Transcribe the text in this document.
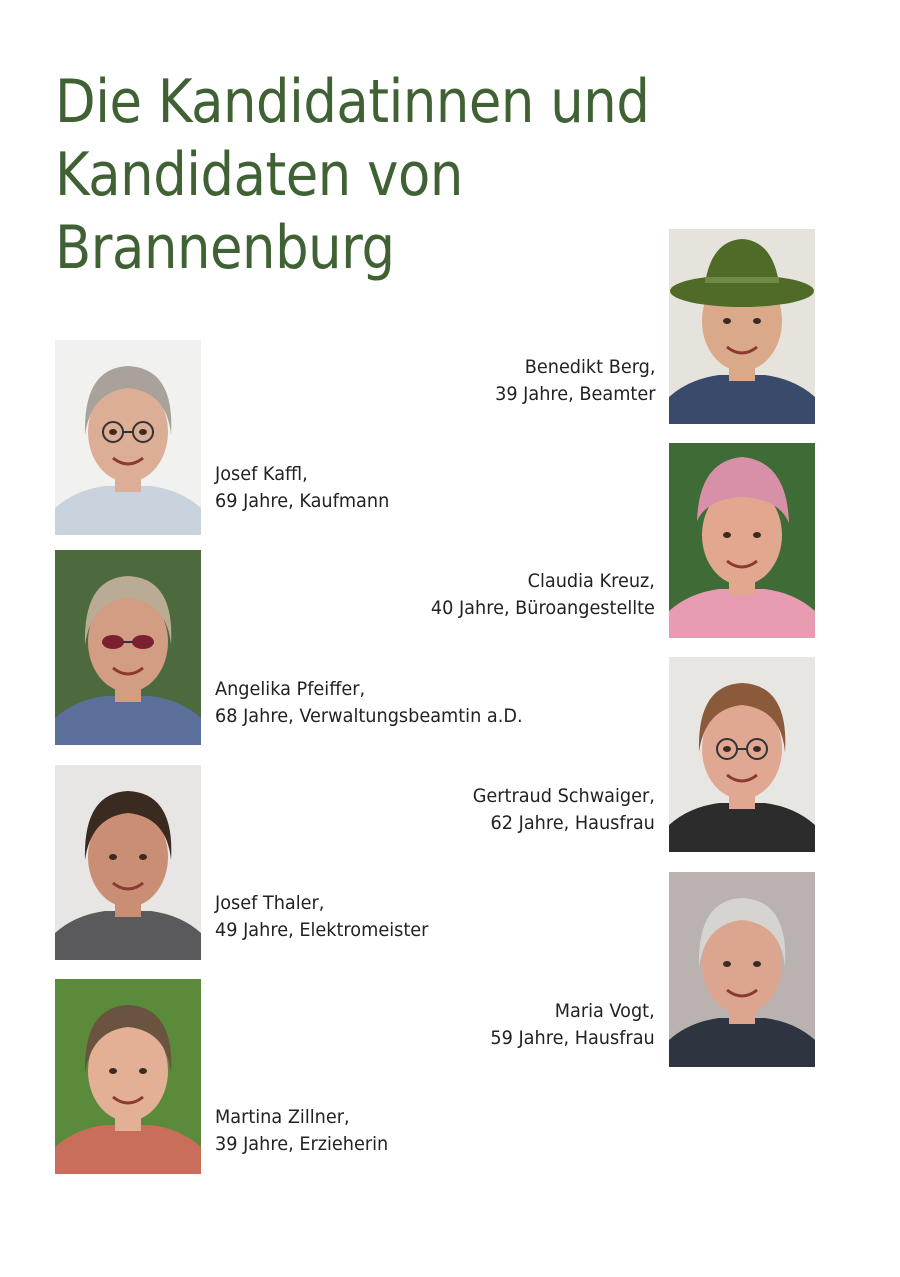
Die Kandidatinnen und
Kandidaten von
Brannenburg
Benedikt Berg,
39 Jahre, Beamter
Josef Kaffl,
69 Jahre, Kaufmann
Claudia Kreuz,
40 Jahre, Büroangestellte
Angelika Pfeiffer,
68 Jahre, Verwaltungsbeamtin a.D.
Gertraud Schwaiger,
62 Jahre, Hausfrau
Josef Thaler,
49 Jahre, Elektromeister
Maria Vogt,
59 Jahre, Hausfrau
Martina Zillner,
39 Jahre, Erzieherin
